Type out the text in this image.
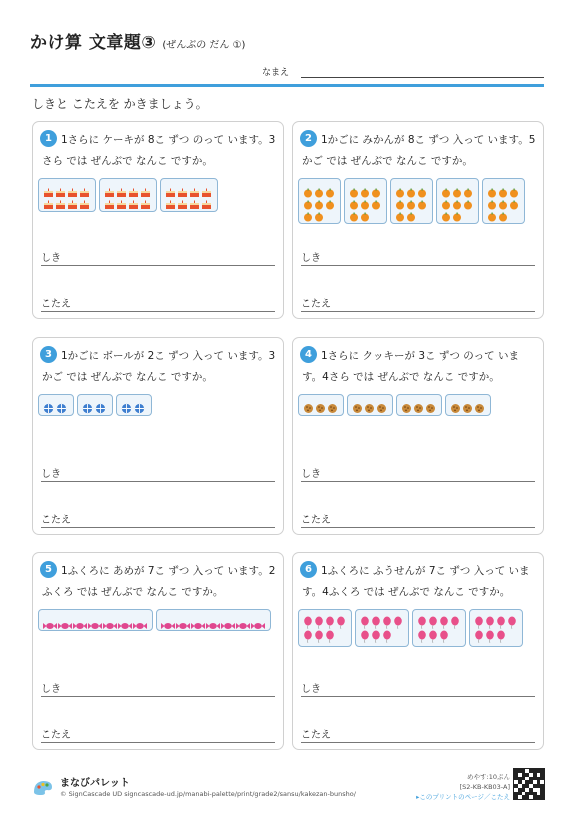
かけ算 文章題③ (ぜんぶの だん ①)
なまえ
しきと こたえを かきましょう。
1 1さらに ケーキが 8こ ずつ のって います。3さら では ぜんぶで なんこ ですか。
しき
こたえ
2 1かごに みかんが 8こ ずつ 入って います。5かご では ぜんぶで なんこ ですか。
しき
こたえ
3 1かごに ボールが 2こ ずつ 入って います。3かご では ぜんぶで なんこ ですか。
しき
こたえ
4 1さらに クッキーが 3こ ずつ のって います。4さら では ぜんぶで なんこ ですか。
しき
こたえ
5 1ふくろに あめが 7こ ずつ 入って います。2ふくろ では ぜんぶで なんこ ですか。
しき
こたえ
6 1ふくろに ふうせんが 7こ ずつ 入って います。4ふくろ では ぜんぶで なんこ ですか。
しき
こたえ
まなびパレット
© SignCascade UD signcascade-ud.jp/manabi-palette/print/grade2/sansu/kakezan-bunsho/
めやす:10ぷん
[S2-KB-KB03-A]
▸このプリントのページ／こたえ
